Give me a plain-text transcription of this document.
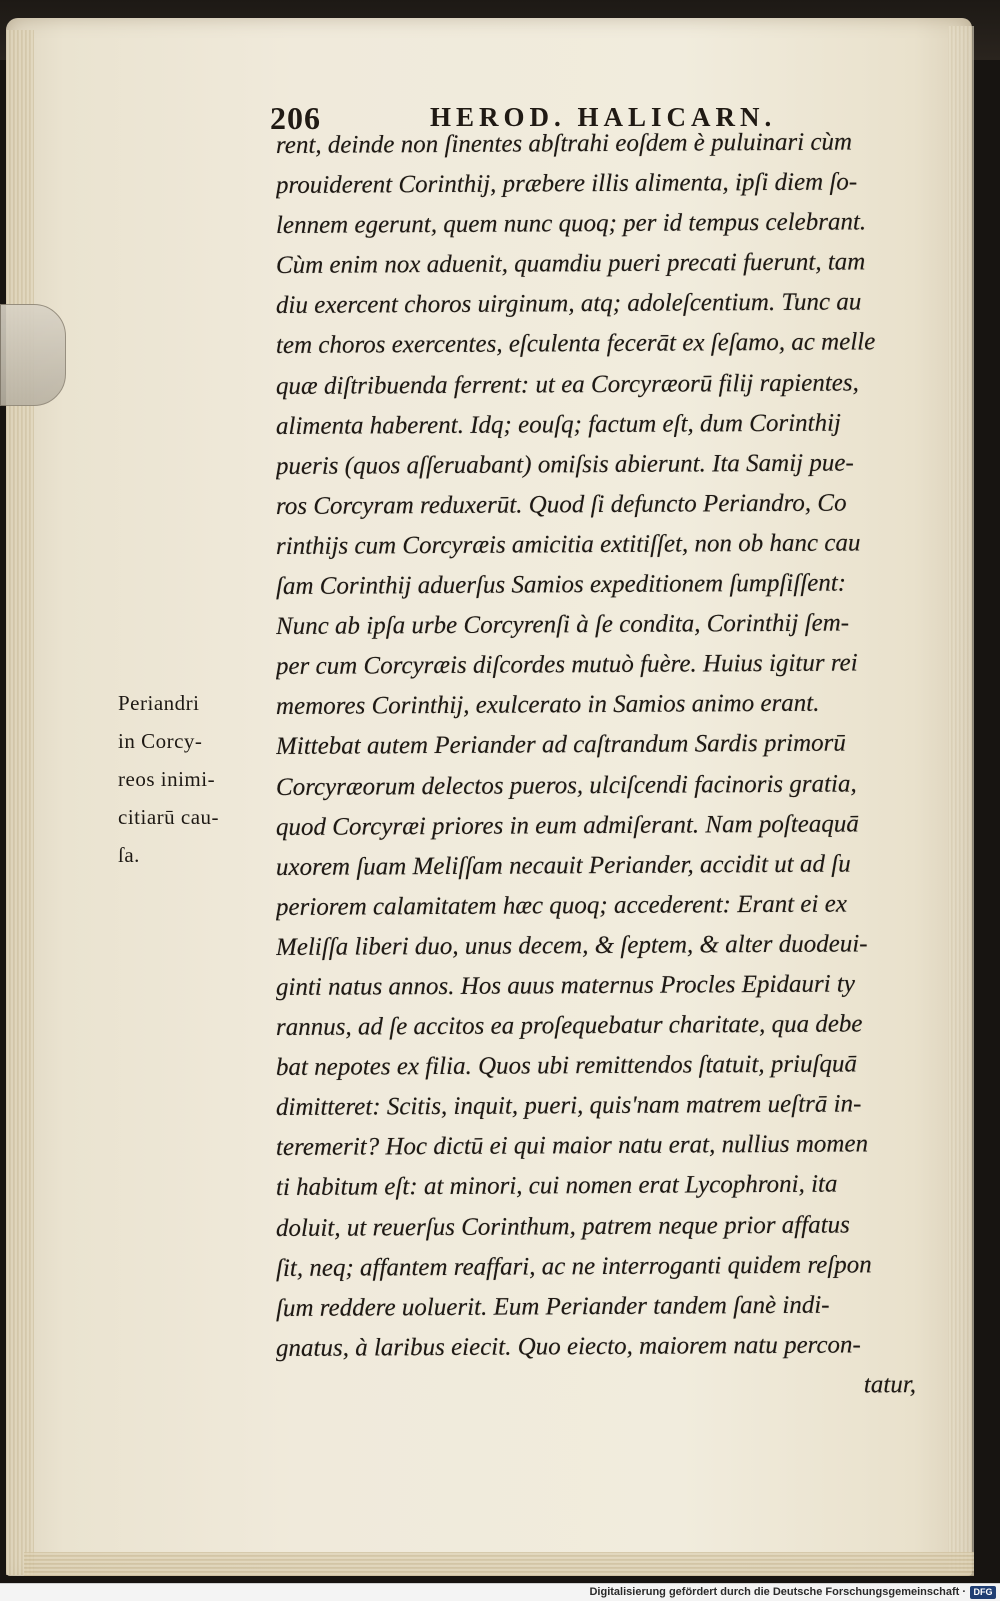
206	HEROD. HALICARN.
rent, deinde non ſinentes abſtrahi eoſdem è puluinari cùm
prouiderent Corinthij, præbere illis alimenta, ipſi diem ſo-
lennem egerunt, quem nunc quoq; per id tempus celebrant.
Cùm enim nox aduenit, quamdiu pueri precati fuerunt, tam
diu exercent choros uirginum, atq; adoleſcentium. Tunc au
tem choros exercentes, eſculenta fecerāt ex ſeſamo, ac melle
quæ diſtribuenda ferrent: ut ea Corcyræorū filij rapientes,
alimenta haberent. Idq; eouſq; factum eſt, dum Corinthij
pueris (quos aſſeruabant) omiſsis abierunt. Ita Samij pue-
ros Corcyram reduxerūt. Quod ſi defuncto Periandro, Co
rinthijs cum Corcyræis amicitia extitiſſet, non ob hanc cau
ſam Corinthij aduerſus Samios expeditionem ſumpſiſſent:
Nunc ab ipſa urbe Corcyrenſi à ſe condita, Corinthij ſem-
per cum Corcyræis diſcordes mutuò fuère. Huius igitur rei
memores Corinthij, exulcerato in Samios animo erant.
Mittebat autem Periander ad caſtrandum Sardis primorū
Corcyræorum delectos pueros, ulciſcendi facinoris gratia,
quod Corcyræi priores in eum admiſerant. Nam poſteaquā
uxorem ſuam Meliſſam necauit Periander, accidit ut ad ſu
periorem calamitatem hæc quoq; accederent: Erant ei ex
Meliſſa liberi duo, unus decem, & ſeptem, & alter duodeui-
ginti natus annos. Hos auus maternus Procles Epidauri ty
rannus, ad ſe accitos ea proſequebatur charitate, qua debe
bat nepotes ex filia. Quos ubi remittendos ſtatuit, priuſquā
dimitteret: Scitis, inquit, pueri, quis'nam matrem ueſtrā in-
teremerit? Hoc dictū ei qui maior natu erat, nullius momen
ti habitum eſt: at minori, cui nomen erat Lycophroni, ita
doluit, ut reuerſus Corinthum, patrem neque prior affatus
ſit, neq; affantem reaffari, ac ne interroganti quidem reſpon
ſum reddere uoluerit. Eum Periander tandem ſanè indi-
gnatus, à laribus eiecit. Quo eiecto, maiorem natu percon-
tatur,
Periandri
in Corcy-
reos inimi-
citiarū cau-
ſa.
Digitalisierung gefördert durch die Deutsche Forschungsgemeinschaft · DFG
